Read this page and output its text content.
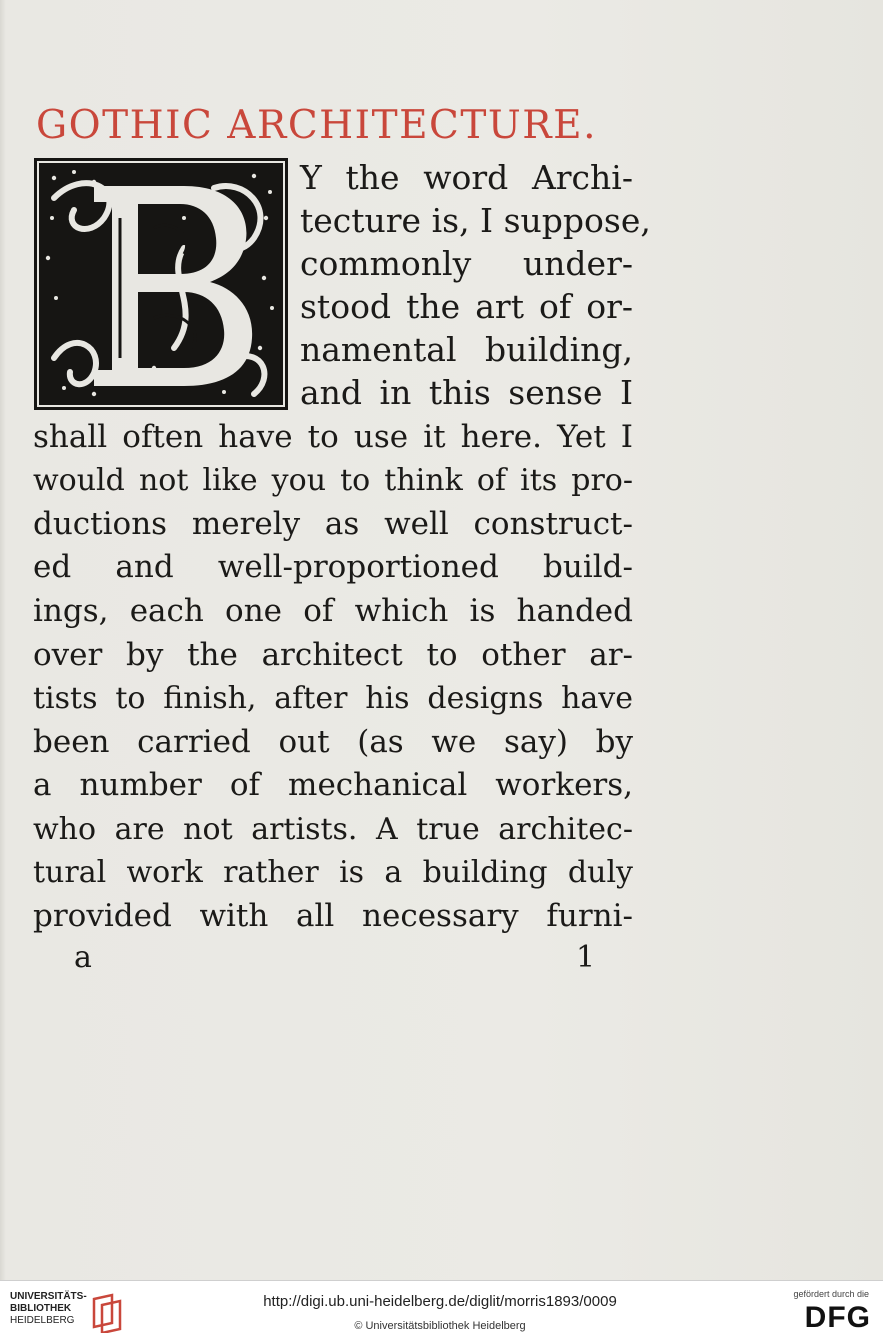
GOTHIC ARCHITECTURE.

Y the word Archi-

tecture is, I suppose,

commonly under-

stood the art of or-

namental building,

and in this sense I

shall often have to use it here. Yet I

would not like you to think of its pro-

ductions merely as well construct-

ed and well-proportioned build-

ings, each one of which is handed

over by the architect to other ar-

tists to finish, after his designs have

been carried out (as we say) by

a number of mechanical workers,

who are not artists. A true architec-

tural work rather is a building duly

provided with all necessary furni-

a	1

UNIVERSITÄTS-
BIBLIOTHEK
HEIDELBERG
http://digi.ub.uni-heidelberg.de/diglit/morris1893/0009
© Universitätsbibliothek Heidelberg
gefördert durch die
DFG
